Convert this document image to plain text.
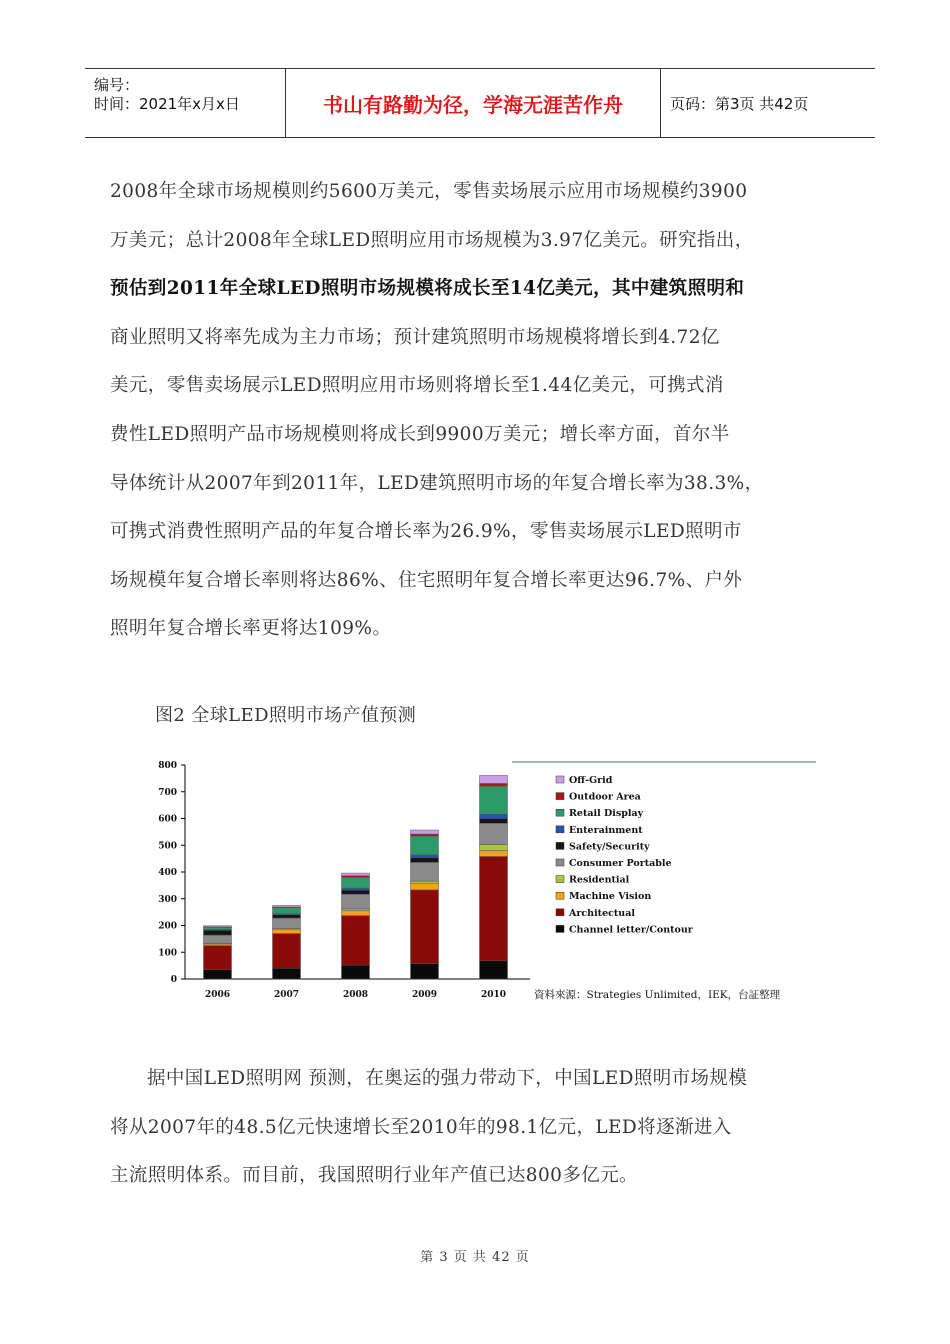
编号：
时间：2021年x月x日	书山有路勤为径，学海无涯苦作舟	页码：第3页 共42页
2008年全球市场规模则约5600万美元，零售卖场展示应用市场规模约3900
万美元；总计2008年全球LED照明应用市场规模为3.97亿美元。研究指出，
预估到2011年全球LED照明市场规模将成长至14亿美元，其中建筑照明和
商业照明又将率先成为主力市场；预计建筑照明市场规模将增长到4.72亿
美元，零售卖场展示LED照明应用市场则将增长至1.44亿美元，可携式消
费性LED照明产品市场规模则将成长到9900万美元；增长率方面，首尔半
导体统计从2007年到2011年，LED建筑照明市场的年复合增长率为38.3%，
可携式消费性照明产品的年复合增长率为26.9%，零售卖场展示LED照明市
场规模年复合增长率则将达86%、住宅照明年复合增长率更达96.7%、户外
照明年复合增长率更将达109%。
图2 全球LED照明市场产值预测
0
100
200
300
400
500
600
700
800
2006	2007	2008	2009	2010
Off-Grid
Outdoor Area
Retail Display
Enterainment
Safety/Security
Consumer Portable
Residential
Machine Vision
Architectual
Channel letter/Contour
資料來源：Strategies Unlimited，IEK，台証整理
据中国LED照明网 预测，在奥运的强力带动下，中国LED照明市场规模
将从2007年的48.5亿元快速增长至2010年的98.1亿元，LED将逐渐进入
主流照明体系。而目前，我国照明行业年产值已达800多亿元。
第 3 页 共 42 页
